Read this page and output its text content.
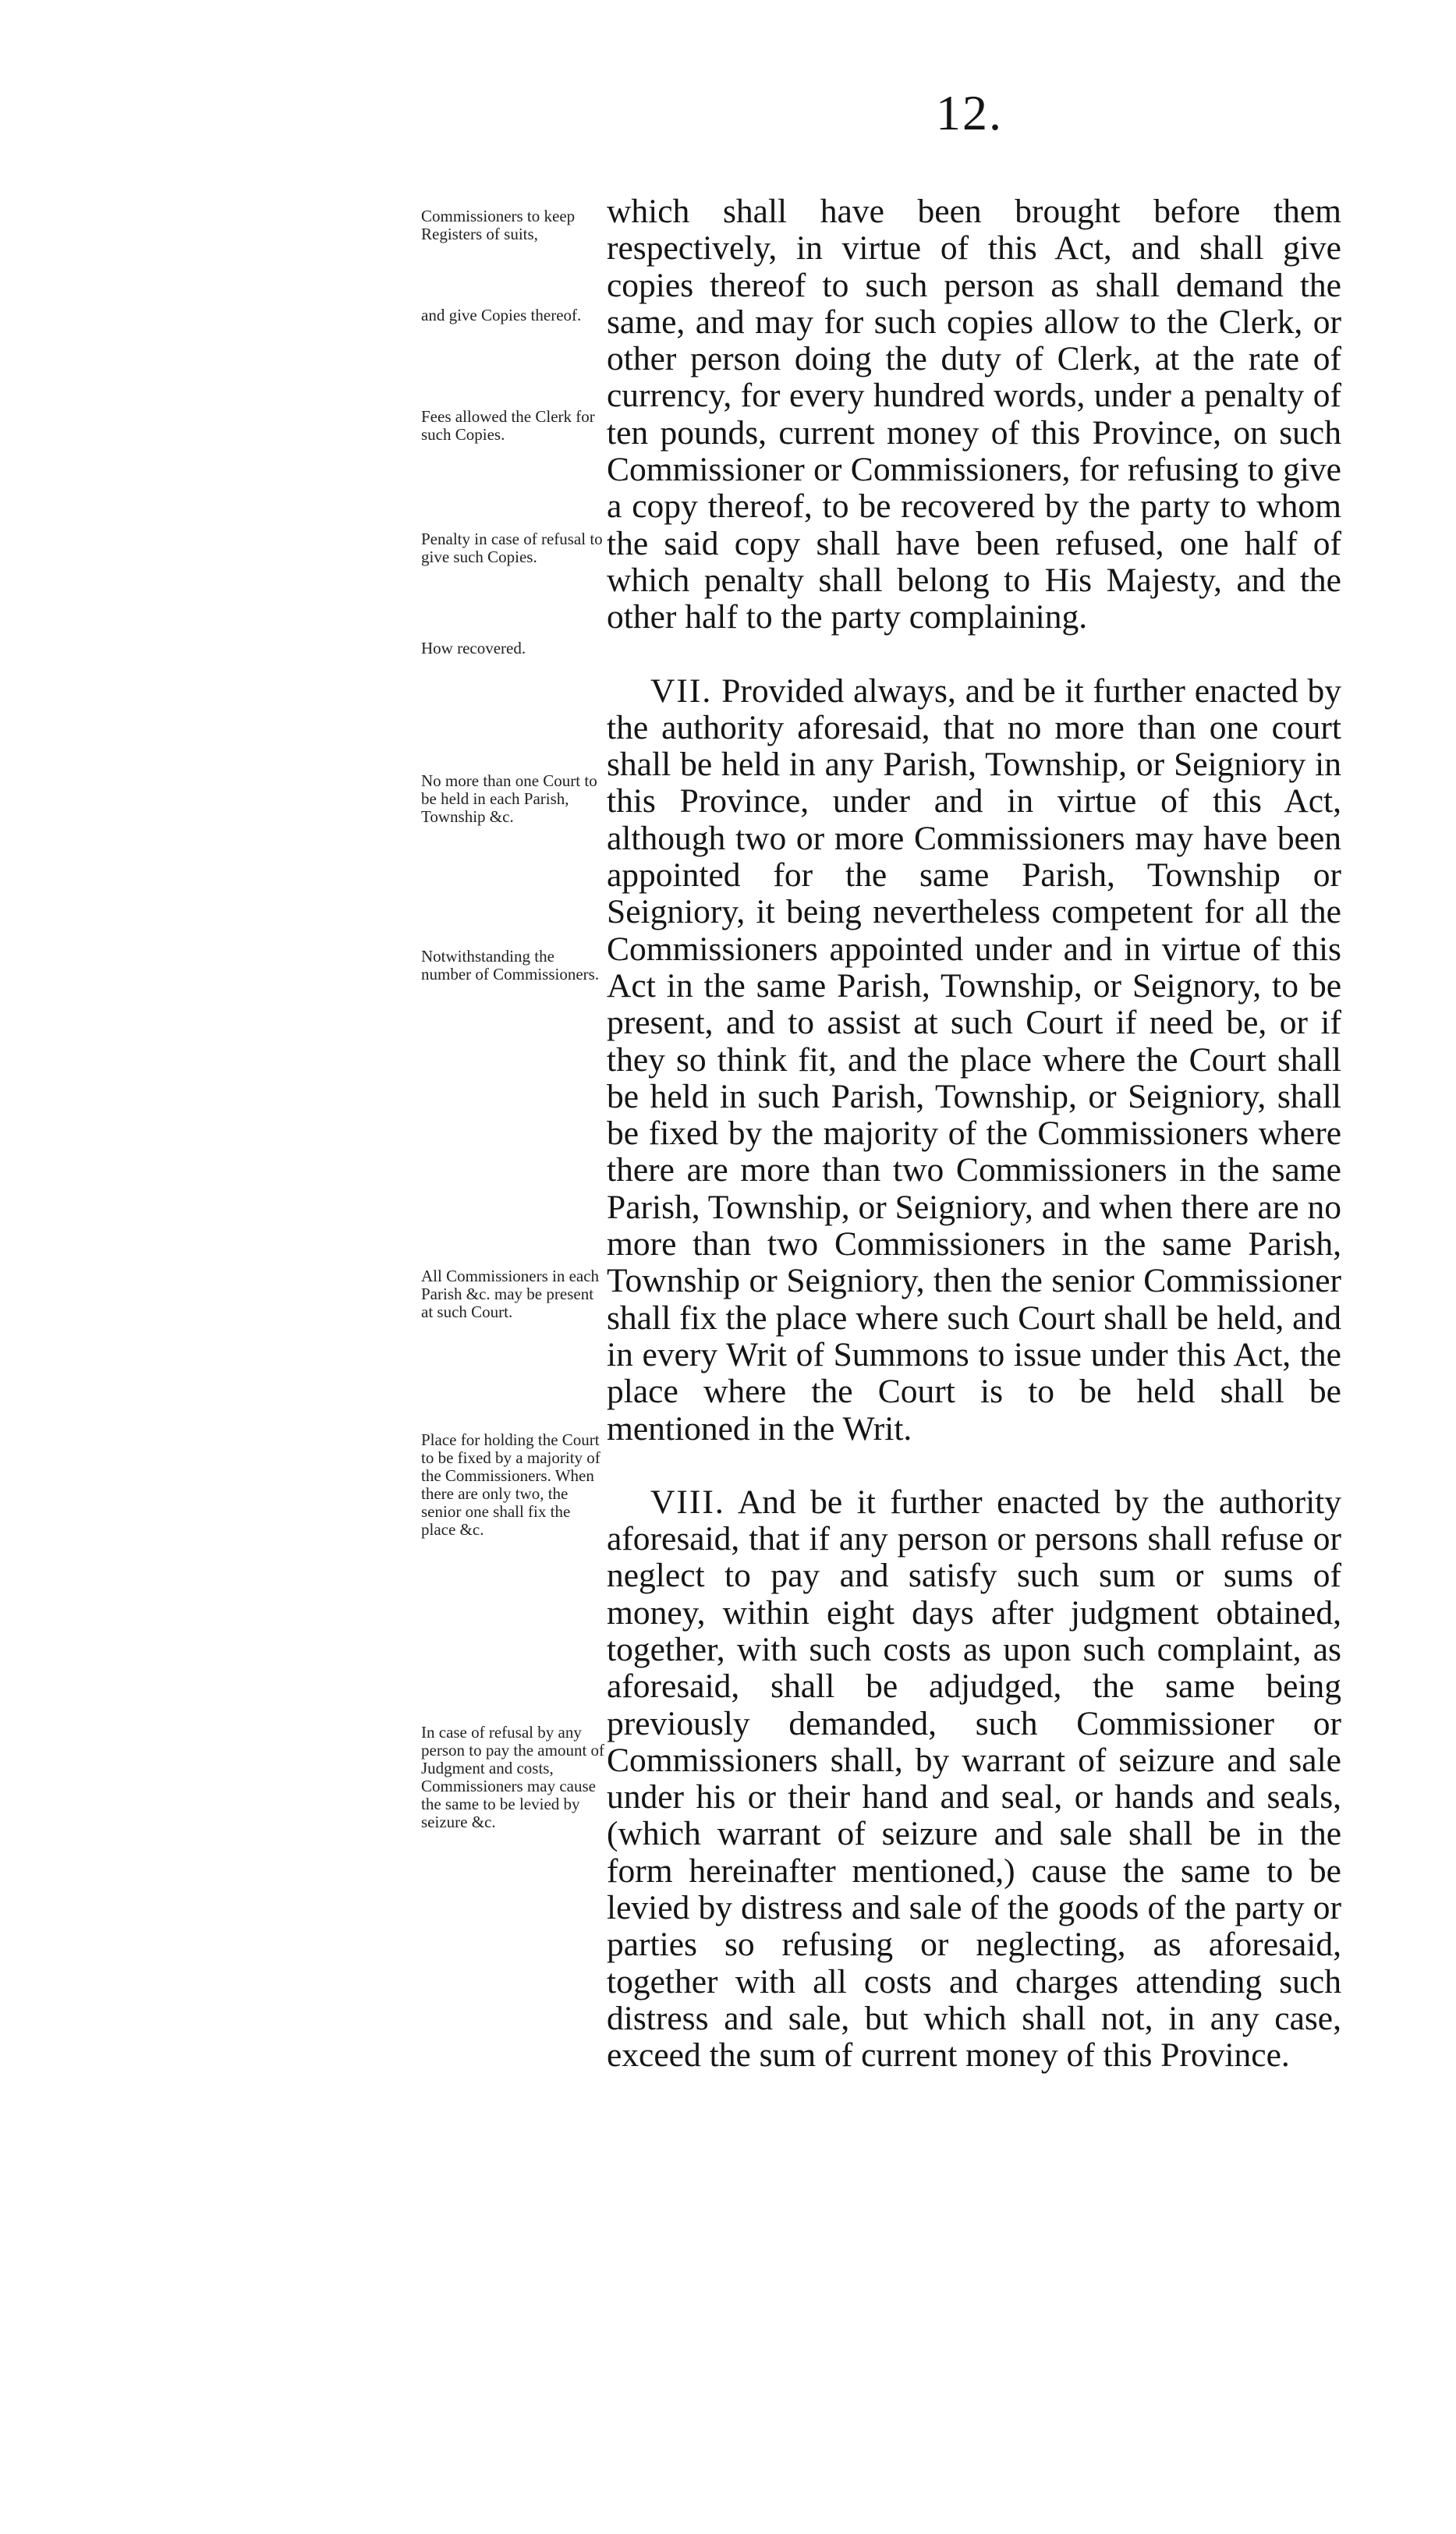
12.
Commissioners to keep Registers of suits,
and give Copies thereof.
Fees allowed the Clerk for such Copies.
Penalty in case of refusal to give such Copies.
How recovered.
No more than one Court to be held in each Parish, Township &c.
Notwithstanding the number of Commissioners.
All Commissioners in each Parish &c. may be present at such Court.
Place for holding the Court to be fixed by a majority of the Commissioners. When there are only two, the senior one shall fix the place &c.
In case of refusal by any person to pay the amount of Judgment and costs, Commissioners may cause the same to be levied by seizure &c.

which shall have been brought before them respectively, in virtue of this Act, and shall give copies thereof to such person as shall demand the same, and may for such copies allow to the Clerk, or other person doing the duty of Clerk, at the rate of currency, for every hundred words, under a penalty of ten pounds, current money of this Province, on such Commissioner or Commissioners, for refusing to give a copy thereof, to be recovered by the party to whom the said copy shall have been refused, one half of which penalty shall belong to His Majesty, and the other half to the party complaining.

VII. Provided always, and be it further enacted by the authority aforesaid, that no more than one court shall be held in any Parish, Township, or Seigniory in this Province, under and in virtue of this Act, although two or more Commissioners may have been appointed for the same Parish, Township or Seigniory, it being nevertheless competent for all the Commissioners appointed under and in virtue of this Act in the same Parish, Township, or Seignory, to be present, and to assist at such Court if need be, or if they so think fit, and the place where the Court shall be held in such Parish, Township, or Seigniory, shall be fixed by the majority of the Commissioners where there are more than two Commissioners in the same Parish, Township, or Seigniory, and when there are no more than two Commissioners in the same Parish, Township or Seigniory, then the senior Commissioner shall fix the place where such Court shall be held, and in every Writ of Summons to issue under this Act, the place where the Court is to be held shall be mentioned in the Writ.

VIII. And be it further enacted by the authority aforesaid, that if any person or persons shall refuse or neglect to pay and satisfy such sum or sums of money, within eight days after judgment obtained, together, with such costs as upon such complaint, as aforesaid, shall be adjudged, the same being previously demanded, such Commissioner or Commissioners shall, by warrant of seizure and sale under his or their hand and seal, or hands and seals, (which warrant of seizure and sale shall be in the form hereinafter mentioned,) cause the same to be levied by distress and sale of the goods of the party or parties so refusing or neglecting, as aforesaid, together with all costs and charges attending such distress and sale, but which shall not, in any case, exceed the sum of current money of this Province.
